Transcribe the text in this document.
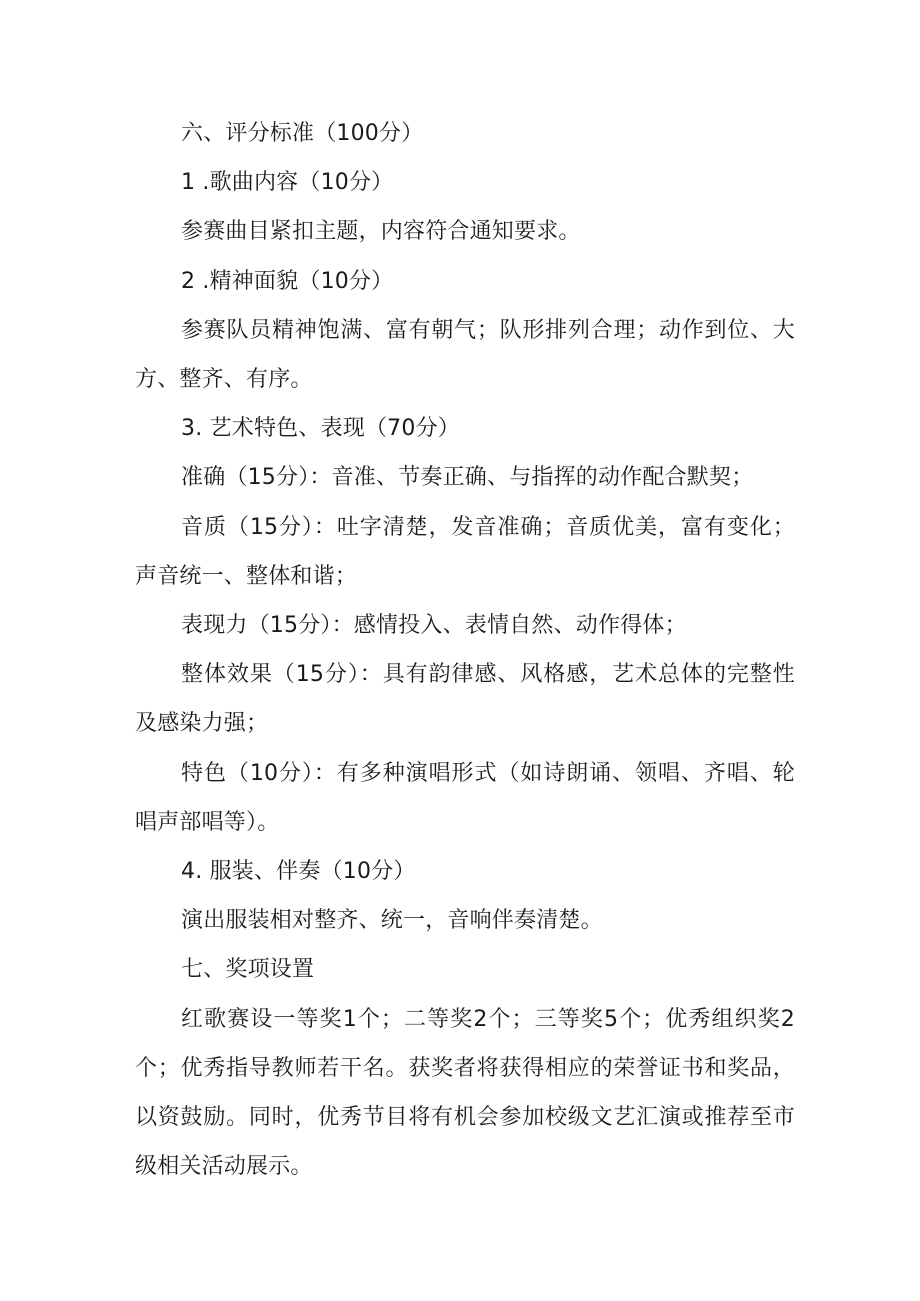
六、评分标准（100分）

1 .歌曲内容（10分）

参赛曲目紧扣主题，内容符合通知要求。

2 .精神面貌（10分）

参赛队员精神饱满、富有朝气；队形排列合理；动作到位、大方、整齐、有序。

3. 艺术特色、表现（70分）

准确（15分）：音准、节奏正确、与指挥的动作配合默契；

音质（15分）：吐字清楚，发音准确；音质优美，富有变化；声音统一、整体和谐；

表现力（15分）：感情投入、表情自然、动作得体；

整体效果（15分）：具有韵律感、风格感，艺术总体的完整性及感染力强；

特色（10分）：有多种演唱形式（如诗朗诵、领唱、齐唱、轮唱声部唱等）。

4. 服装、伴奏（10分）

演出服装相对整齐、统一，音响伴奏清楚。

七、奖项设置

红歌赛设一等奖1个；二等奖2个；三等奖5个；优秀组织奖2个；优秀指导教师若干名。获奖者将获得相应的荣誉证书和奖品，以资鼓励。同时，优秀节目将有机会参加校级文艺汇演或推荐至市级相关活动展示。
